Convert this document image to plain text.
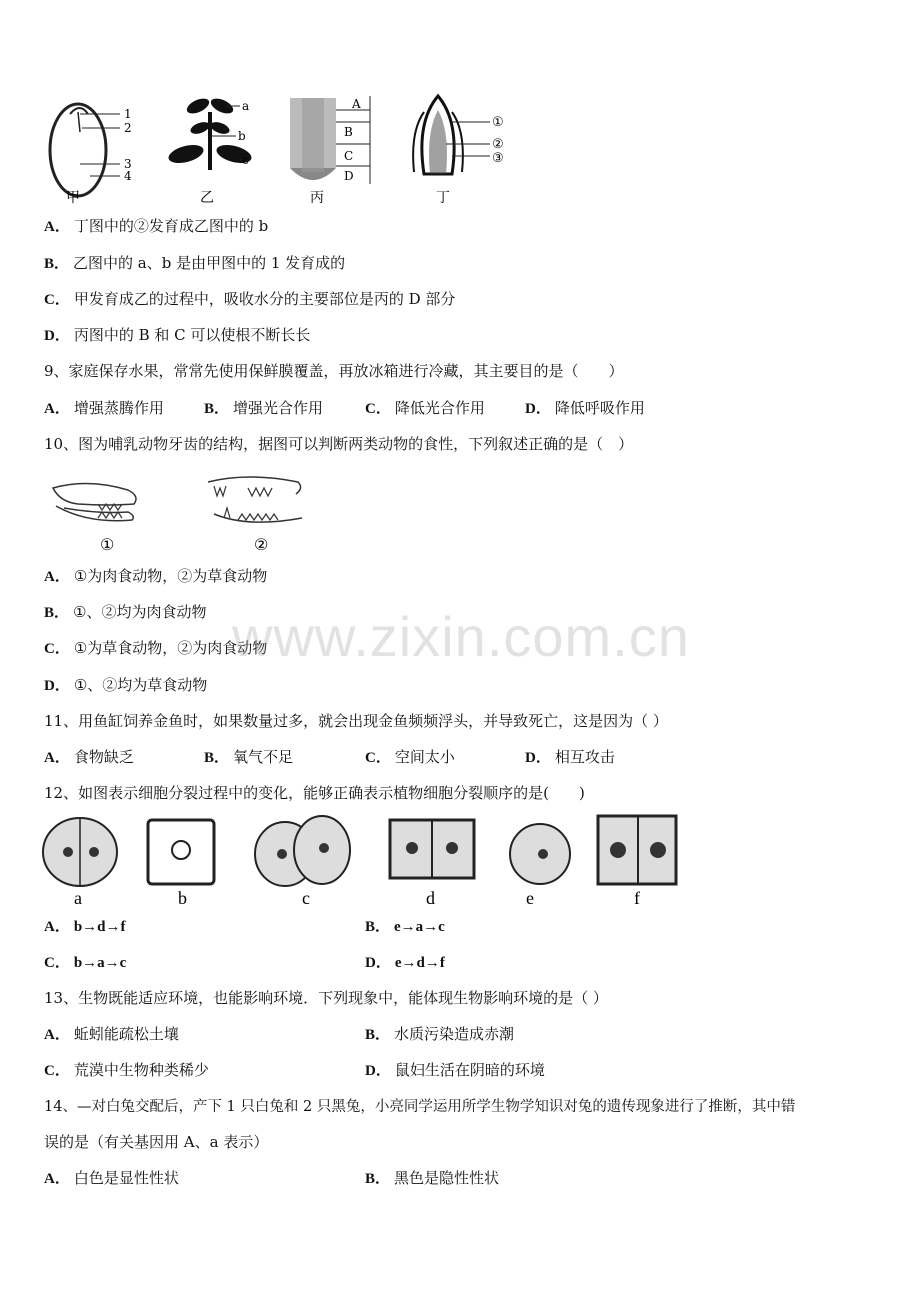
1
2
3
4
甲
a
b
c
乙
A
B
C
D
丙
①
②
③
丁
A． 丁图中的②发育成乙图中的 b
B． 乙图中的 a、b 是由甲图中的 1 发育成的
C． 甲发育成乙的过程中，吸收水分的主要部位是丙的 D 部分
D． 丙图中的 B 和 C 可以使根不断长长
9、家庭保存水果，常常先使用保鲜膜覆盖，再放冰箱进行冷藏，其主要目的是（　　）
A． 增强蒸腾作用	B． 增强光合作用	C． 降低光合作用	D． 降低呼吸作用
10、图为哺乳动物牙齿的结构，据图可以判断两类动物的食性，下列叙述正确的是（　）
①	②
A． ①为肉食动物，②为草食动物
B． ①、②均为肉食动物
C． ①为草食动物，②为肉食动物
D． ①、②均为草食动物
www.zixin.com.cn
11、用鱼缸饲养金鱼时，如果数量过多，就会出现金鱼频频浮头，并导致死亡，这是因为（ ）
A． 食物缺乏	B． 氧气不足	C． 空间太小	D． 相互攻击
12、如图表示细胞分裂过程中的变化，能够正确表示植物细胞分裂顺序的是(　　)
a	b	c	d	e	f
A． b→d→f	B． e→a→c
C． b→a→c	D． e→d→f
13、生物既能适应环境，也能影响环境．下列现象中，能体现生物影响环境的是（ ）
A． 蚯蚓能疏松土壤	B． 水质污染造成赤潮
C． 荒漠中生物种类稀少	D． 鼠妇生活在阴暗的环境
14、—对白兔交配后，产下 1 只白兔和 2 只黑兔，小亮同学运用所学生物学知识对兔的遗传现象进行了推断，其中错
误的是（有关基因用 A、a 表示）
A． 白色是显性性状	B． 黑色是隐性性状
